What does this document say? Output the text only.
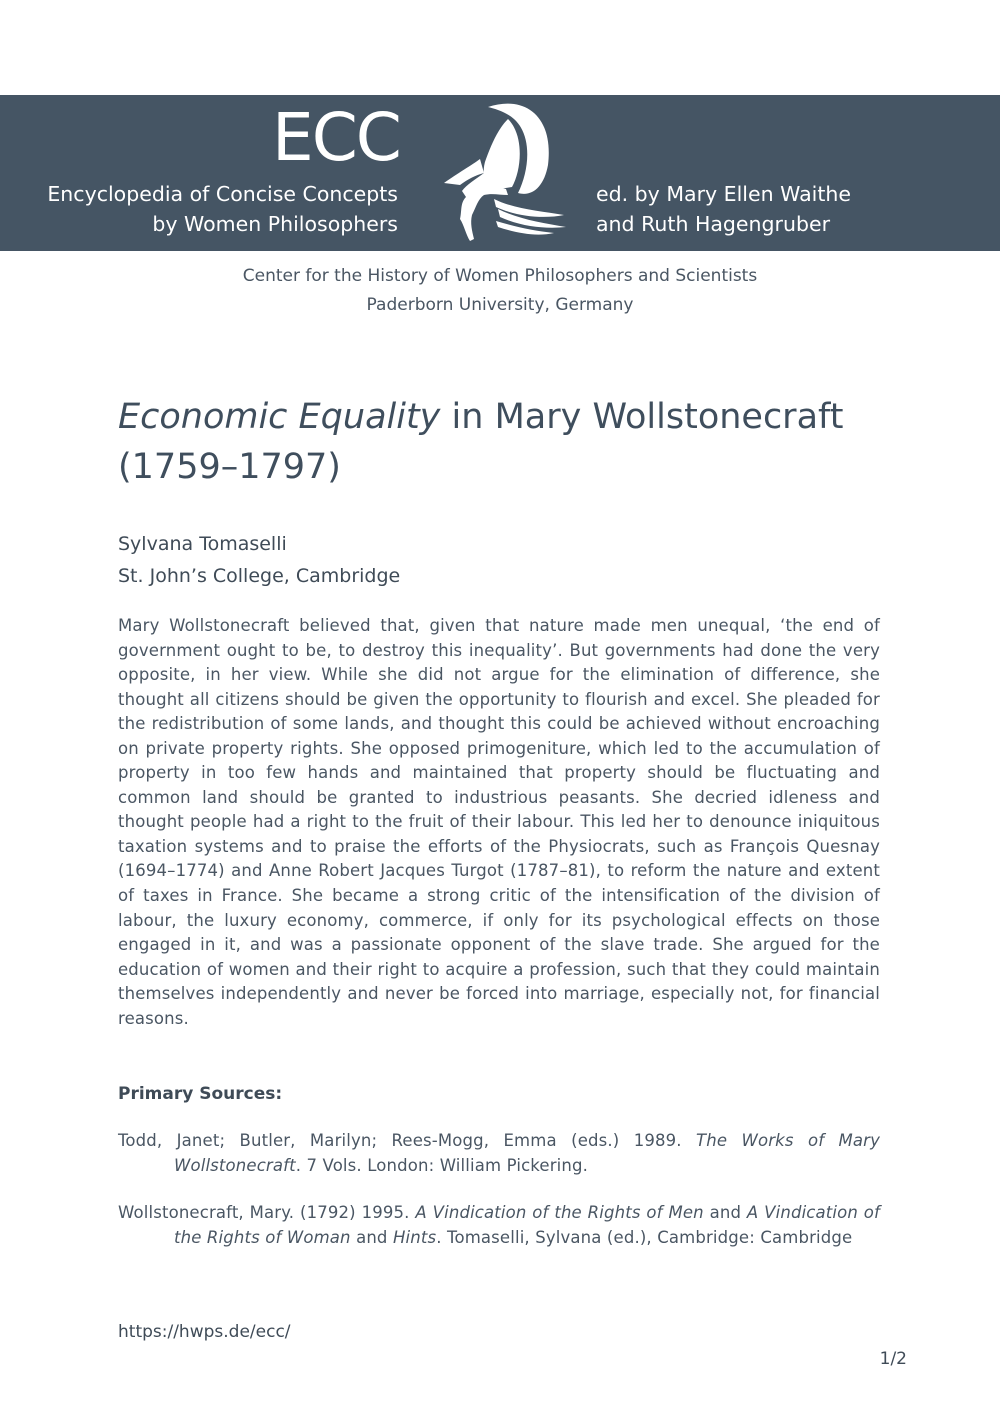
ECC
Encyclopedia of Concise Concepts
by Women Philosophers
ed. by Mary Ellen Waithe
and Ruth Hagengruber
Center for the History of Women Philosophers and Scientists
Paderborn University, Germany
Economic Equality in Mary Wollstonecraft (1759–1797)
Sylvana Tomaselli
St. John’s College, Cambridge

Mary Wollstonecraft believed that, given that nature made men unequal, ‘the end of government ought to be, to destroy this inequality’. But governments had done the very opposite, in her view. While she did not argue for the elimination of difference, she thought all citizens should be given the opportunity to flourish and excel. She pleaded for the redistribution of some lands, and thought this could be achieved without encroaching on private property rights. She opposed primogeniture, which led to the accumulation of property in too few hands and maintained that property should be fluctuating and common land should be granted to industrious peasants. She decried idleness and thought people had a right to the fruit of their labour. This led her to denounce iniquitous taxation systems and to praise the efforts of the Physiocrats, such as François Quesnay (1694–1774) and Anne Robert Jacques Turgot (1787–81), to reform the nature and extent of taxes in France. She became a strong critic of the intensification of the division of labour, the luxury economy, commerce, if only for its psychological effects on those engaged in it, and was a passionate opponent of the slave trade. She argued for the education of women and their right to acquire a profession, such that they could maintain themselves independently and never be forced into marriage, especially not, for financial reasons.

Primary Sources:

Todd, Janet; Butler, Marilyn; Rees-Mogg, Emma (eds.) 1989. The Works of Mary Wollstonecraft. 7 Vols. London: William Pickering.

Wollstonecraft, Mary. (1792) 1995. A Vindication of the Rights of Men and A Vindication of the Rights of Woman and Hints. Tomaselli, Sylvana (ed.), Cambridge: Cambridge

https://hwps.de/ecc/
1/2
